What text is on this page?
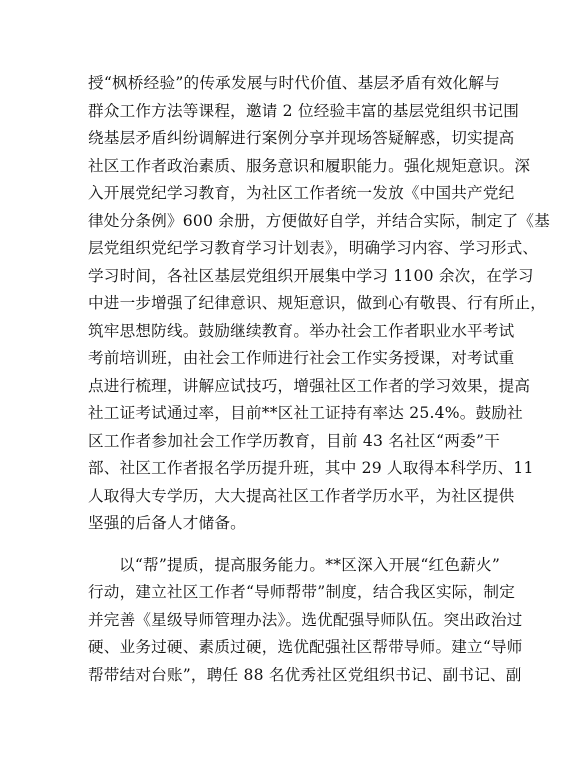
授“枫桥经验”的传承发展与时代价值、基层矛盾有效化解与
群众工作方法等课程，邀请 2 位经验丰富的基层党组织书记围
绕基层矛盾纠纷调解进行案例分享并现场答疑解惑，切实提高
社区工作者政治素质、服务意识和履职能力。强化规矩意识。深
入开展党纪学习教育，为社区工作者统一发放《中国共产党纪
律处分条例》600 余册，方便做好自学，并结合实际，制定了《基
层党组织党纪学习教育学习计划表》，明确学习内容、学习形式、
学习时间，各社区基层党组织开展集中学习 1100 余次，在学习
中进一步增强了纪律意识、规矩意识，做到心有敬畏、行有所止，
筑牢思想防线。鼓励继续教育。举办社会工作者职业水平考试
考前培训班，由社会工作师进行社会工作实务授课，对考试重
点进行梳理，讲解应试技巧，增强社区工作者的学习效果，提高
社工证考试通过率，目前**区社工证持有率达 25.4%。鼓励社
区工作者参加社会工作学历教育，目前 43 名社区“两委”干
部、社区工作者报名学历提升班，其中 29 人取得本科学历、11
人取得大专学历，大大提高社区工作者学历水平，为社区提供
坚强的后备人才储备。
以“帮”提质，提高服务能力。**区深入开展“红色薪火”
行动，建立社区工作者“导师帮带”制度，结合我区实际，制定
并完善《星级导师管理办法》。选优配强导师队伍。突出政治过
硬、业务过硬、素质过硬，选优配强社区帮带导师。建立“导师
帮带结对台账”，聘任 88 名优秀社区党组织书记、副书记、副
